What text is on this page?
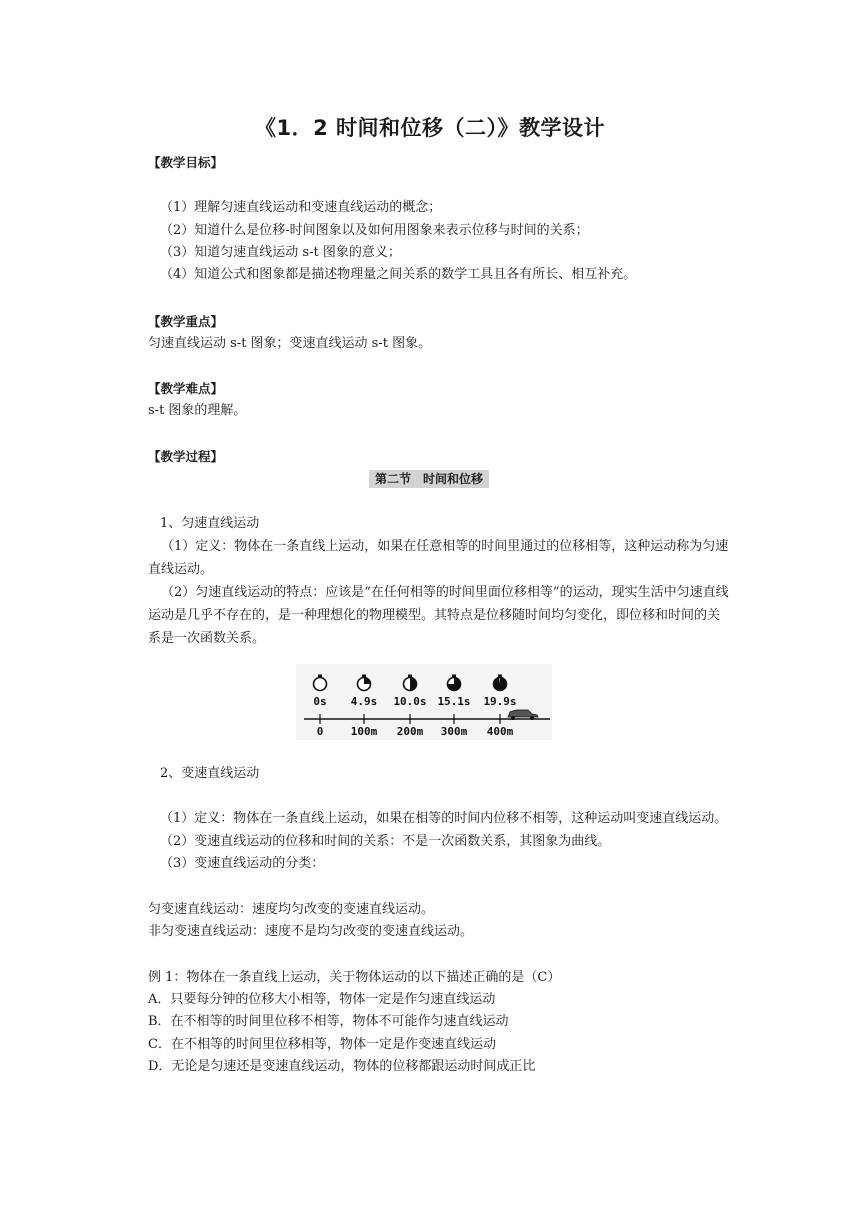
《1．2 时间和位移（二）》教学设计
【教学目标】
（1）理解匀速直线运动和变速直线运动的概念；
（2）知道什么是位移-时间图象以及如何用图象来表示位移与时间的关系；
（3）知道匀速直线运动 s-t 图象的意义；
（4）知道公式和图象都是描述物理量之间关系的数学工具且各有所长、相互补充。
【教学重点】
匀速直线运动 s-t 图象；变速直线运动 s-t 图象。
【教学难点】
s-t 图象的理解。
【教学过程】
第二节　时间和位移
1、匀速直线运动
（1）定义：物体在一条直线上运动，如果在任意相等的时间里通过的位移相等，这种运动称为匀速直线运动。
（2）匀速直线运动的特点：应该是“在任何相等的时间里面位移相等”的运动，现实生活中匀速直线运动是几乎不存在的，是一种理想化的物理模型。其特点是位移随时间均匀变化，即位移和时间的关系是一次函数关系。
0s 4.9s 10.0s 15.1s 19.9s
0 100m 200m 300m 400m
2、变速直线运动
（1）定义：物体在一条直线上运动，如果在相等的时间内位移不相等，这种运动叫变速直线运动。
（2）变速直线运动的位移和时间的关系：不是一次函数关系，其图象为曲线。
（3）变速直线运动的分类：
匀变速直线运动：速度均匀改变的变速直线运动。
非匀变速直线运动：速度不是均匀改变的变速直线运动。
例 1：物体在一条直线上运动，关于物体运动的以下描述正确的是（C）
A．只要每分钟的位移大小相等，物体一定是作匀速直线运动
B．在不相等的时间里位移不相等，物体不可能作匀速直线运动
C．在不相等的时间里位移相等，物体一定是作变速直线运动
D．无论是匀速还是变速直线运动，物体的位移都跟运动时间成正比
